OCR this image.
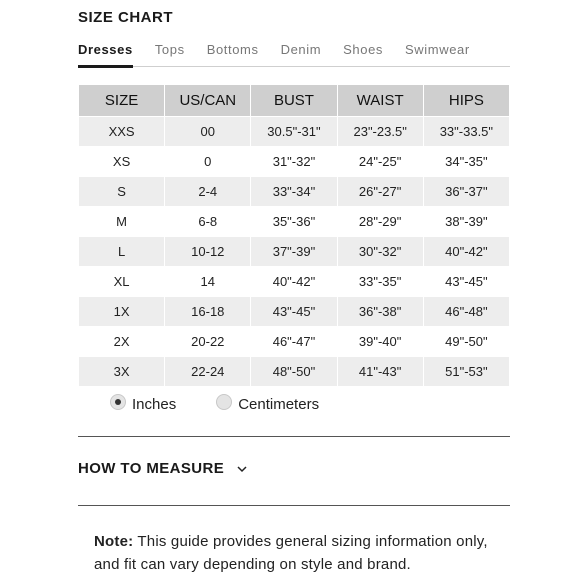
SIZE CHART
Dresses Tops Bottoms Denim Shoes Swimwear
SIZE	US/CAN	BUST	WAIST	HIPS
XXS	00	30.5"-31"	23"-23.5"	33"-33.5"
XS	0	31"-32"	24"-25"	34"-35"
S	2-4	33"-34"	26"-27"	36"-37"
M	6-8	35"-36"	28"-29"	38"-39"
L	10-12	37"-39"	30"-32"	40"-42"
XL	14	40"-42"	33"-35"	43"-45"
1X	16-18	43"-45"	36"-38"	46"-48"
2X	20-22	46"-47"	39"-40"	49"-50"
3X	22-24	48"-50"	41"-43"	51"-53"
Inches	Centimeters
HOW TO MEASURE
Note: This guide provides general sizing information only, and fit can vary depending on style and brand.
